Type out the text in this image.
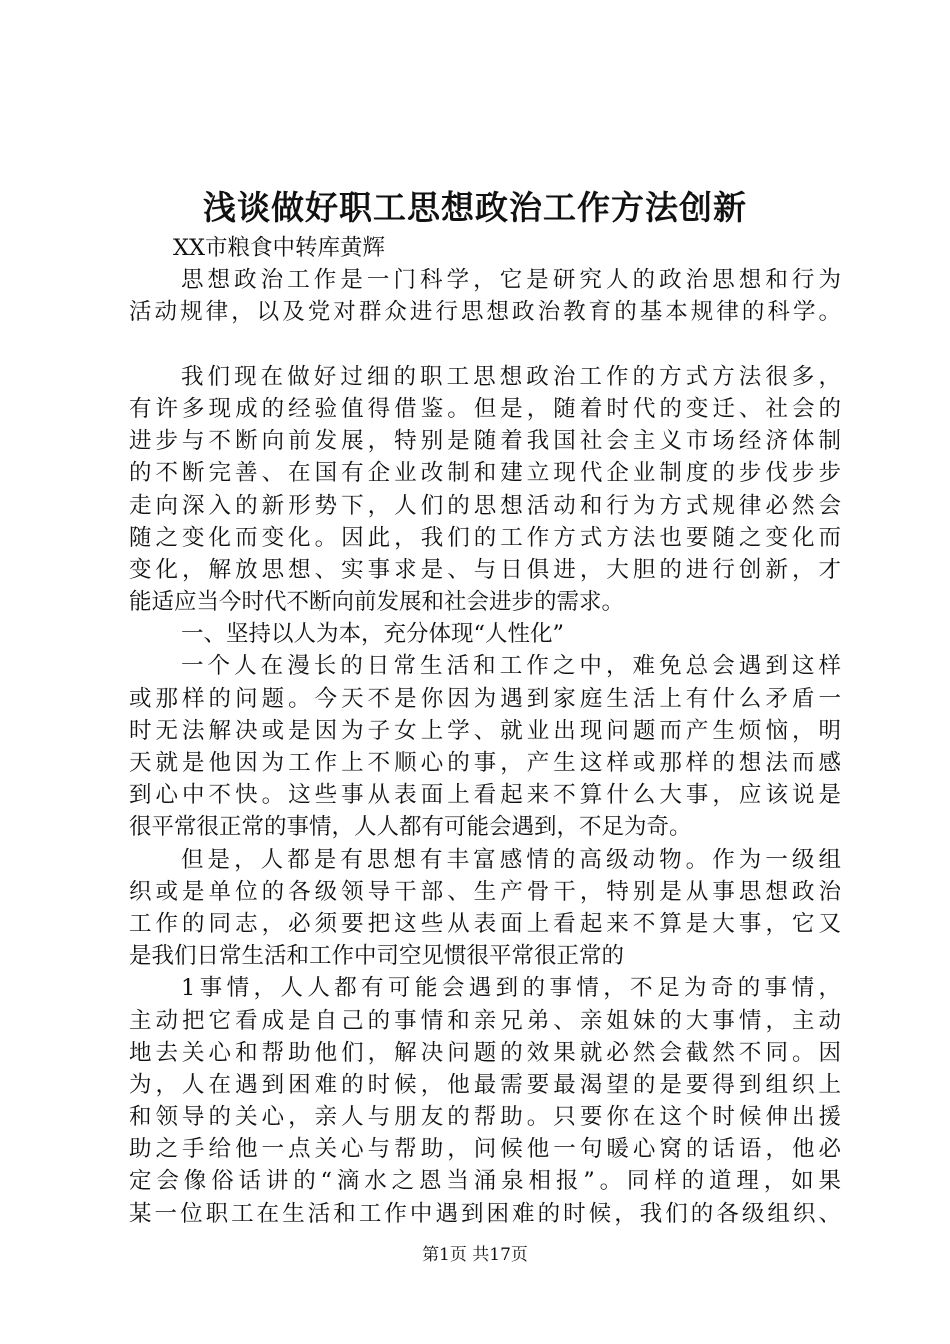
浅谈做好职工思想政治工作方法创新
XX市粮食中转库黄辉
思想政治工作是一门科学，它是研究人的政治思想和行为
活动规律，以及党对群众进行思想政治教育的基本规律的科学。
我们现在做好过细的职工思想政治工作的方式方法很多，
有许多现成的经验值得借鉴。但是，随着时代的变迁、社会的
进步与不断向前发展，特别是随着我国社会主义市场经济体制
的不断完善、在国有企业改制和建立现代企业制度的步伐步步
走向深入的新形势下，人们的思想活动和行为方式规律必然会
随之变化而变化。因此，我们的工作方式方法也要随之变化而
变化，解放思想、实事求是、与日俱进，大胆的进行创新，才
能适应当今时代不断向前发展和社会进步的需求。
一、坚持以人为本，充分体现“人性化”
一个人在漫长的日常生活和工作之中，难免总会遇到这样
或那样的问题。今天不是你因为遇到家庭生活上有什么矛盾一
时无法解决或是因为子女上学、就业出现问题而产生烦恼，明
天就是他因为工作上不顺心的事，产生这样或那样的想法而感
到心中不快。这些事从表面上看起来不算什么大事，应该说是
很平常很正常的事情，人人都有可能会遇到，不足为奇。
但是，人都是有思想有丰富感情的高级动物。作为一级组
织或是单位的各级领导干部、生产骨干，特别是从事思想政治
工作的同志，必须要把这些从表面上看起来不算是大事，它又
是我们日常生活和工作中司空见惯很平常很正常的
1事情，人人都有可能会遇到的事情，不足为奇的事情，
主动把它看成是自己的事情和亲兄弟、亲姐妹的大事情，主动
地去关心和帮助他们，解决问题的效果就必然会截然不同。因
为，人在遇到困难的时候，他最需要最渴望的是要得到组织上
和领导的关心，亲人与朋友的帮助。只要你在这个时候伸出援
助之手给他一点关心与帮助，问候他一句暖心窝的话语，他必
定会像俗话讲的“滴水之恩当涌泉相报”。同样的道理，如果
某一位职工在生活和工作中遇到困难的时候，我们的各级组织、
第1页 共17页
